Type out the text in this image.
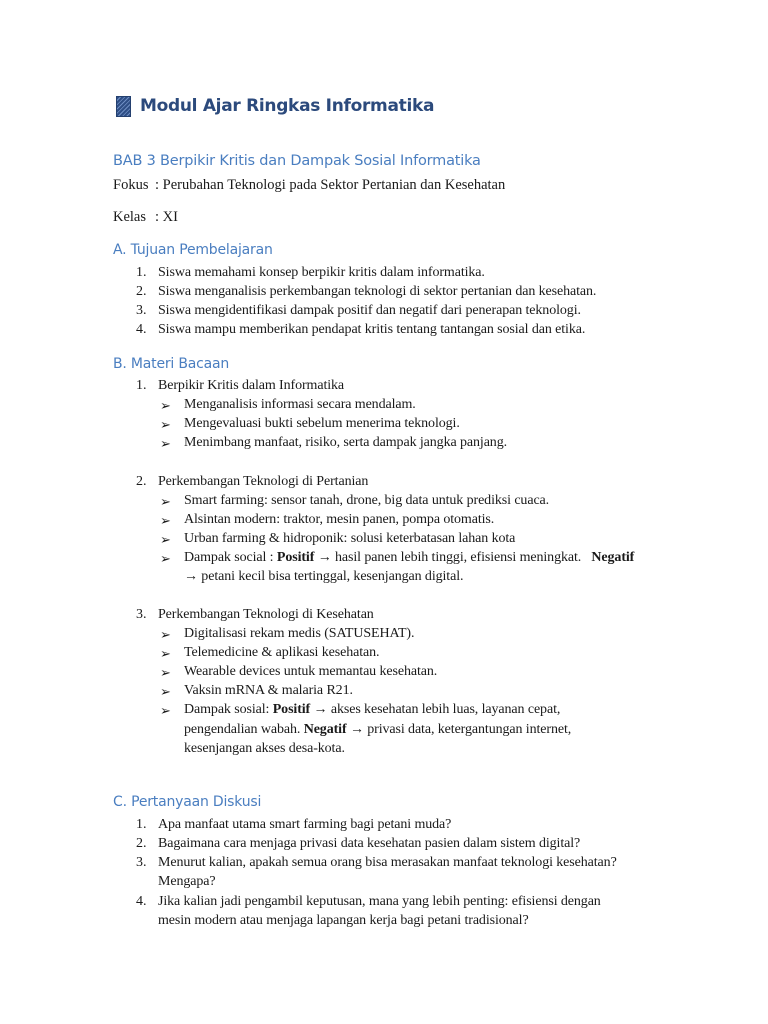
Modul Ajar Ringkas Informatika
BAB 3 Berpikir Kritis dan Dampak Sosial Informatika
Fokus : Perubahan Teknologi pada Sektor Pertanian dan Kesehatan
Kelas : XI
A. Tujuan Pembelajaran
1. Siswa memahami konsep berpikir kritis dalam informatika.
2. Siswa menganalisis perkembangan teknologi di sektor pertanian dan kesehatan.
3. Siswa mengidentifikasi dampak positif dan negatif dari penerapan teknologi.
4. Siswa mampu memberikan pendapat kritis tentang tantangan sosial dan etika.
B. Materi Bacaan
1. Berpikir Kritis dalam Informatika
➢ Menganalisis informasi secara mendalam.
➢ Mengevaluasi bukti sebelum menerima teknologi.
➢ Menimbang manfaat, risiko, serta dampak jangka panjang.
2. Perkembangan Teknologi di Pertanian
➢ Smart farming: sensor tanah, drone, big data untuk prediksi cuaca.
➢ Alsintan modern: traktor, mesin panen, pompa otomatis.
➢ Urban farming & hidroponik: solusi keterbatasan lahan kota
➢ Dampak social : Positif → hasil panen lebih tinggi, efisiensi meningkat. Negatif
→ petani kecil bisa tertinggal, kesenjangan digital.
3. Perkembangan Teknologi di Kesehatan
➢ Digitalisasi rekam medis (SATUSEHAT).
➢ Telemedicine & aplikasi kesehatan.
➢ Wearable devices untuk memantau kesehatan.
➢ Vaksin mRNA & malaria R21.
➢ Dampak sosial: Positif → akses kesehatan lebih luas, layanan cepat,
pengendalian wabah. Negatif → privasi data, ketergantungan internet,
kesenjangan akses desa-kota.
C. Pertanyaan Diskusi
1. Apa manfaat utama smart farming bagi petani muda?
2. Bagaimana cara menjaga privasi data kesehatan pasien dalam sistem digital?
3. Menurut kalian, apakah semua orang bisa merasakan manfaat teknologi kesehatan?
Mengapa?
4. Jika kalian jadi pengambil keputusan, mana yang lebih penting: efisiensi dengan
mesin modern atau menjaga lapangan kerja bagi petani tradisional?
